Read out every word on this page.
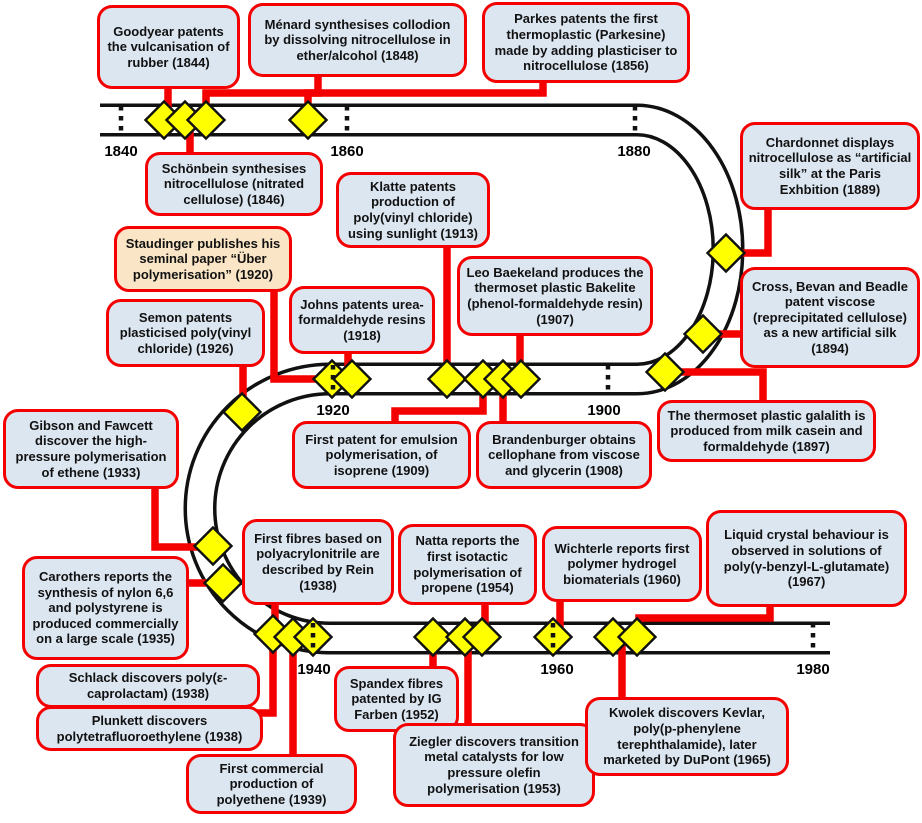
1840	1860	1880
1900
1920
1940	1960	1980
Goodyear patents the vulcanisation of rubber (1844)
Ménard synthesises collodion by dissolving nitrocellulose in ether/alcohol (1848)
Parkes patents the first thermoplastic (Parkesine) made by adding plasticiser to nitrocellulose (1856)
Schönbein synthesises nitrocellulose (nitrated cellulose) (1846)
Chardonnet displays nitrocellulose as “artificial silk” at the Paris Exhbition (1889)
Klatte patents production of poly(vinyl chloride) using sunlight (1913)
Staudinger publishes his seminal paper “Über polymerisation” (1920)
Johns patents urea-formaldehyde resins (1918)
Leo Baekeland produces the thermoset plastic Bakelite (phenol-formaldehyde resin) (1907)
Cross, Bevan and Beadle patent viscose (reprecipitated cellulose) as a new artificial silk (1894)
Semon patents plasticised poly(vinyl chloride) (1926)
The thermoset plastic galalith is produced from milk casein and formaldehyde (1897)
First patent for emulsion polymerisation, of isoprene (1909)
Brandenburger obtains cellophane from viscose and glycerin (1908)
Gibson and Fawcett discover the high-pressure polymerisation of ethene (1933)
First fibres based on polyacrylonitrile are described by Rein (1938)
Natta reports the first isotactic polymerisation of propene (1954)
Wichterle reports first polymer hydrogel biomaterials (1960)
Liquid crystal behaviour is observed in solutions of poly(γ-benzyl-L-glutamate) (1967)
Carothers reports the synthesis of nylon 6,6 and polystyrene is produced commercially on a large scale (1935)
Schlack discovers poly(ε-caprolactam) (1938)
Plunkett discovers polytetrafluoroethylene (1938)
First commercial production of polyethene (1939)
Spandex fibres patented by IG Farben (1952)
Ziegler discovers transition metal catalysts for low pressure olefin polymerisation (1953)
Kwolek discovers Kevlar, poly(p-phenylene terephthalamide), later marketed by DuPont (1965)
